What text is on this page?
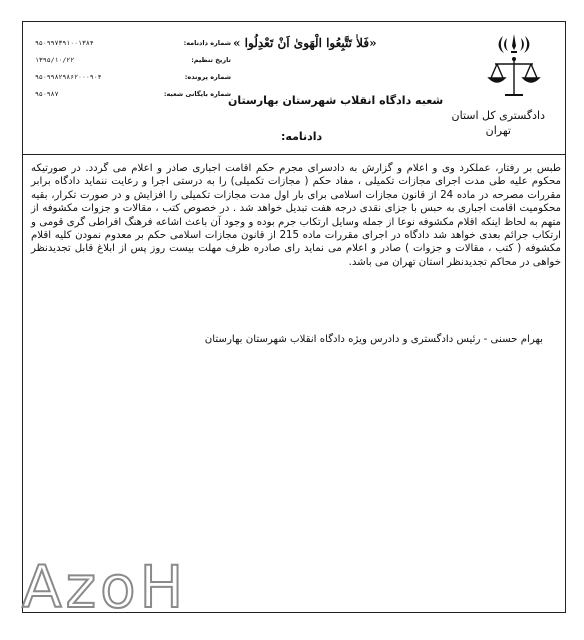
دادگستری کل استان
تهران
«فَلاٰ تَتَّبِعُوا الْهَوىٰ اَنْ تَعْدِلُوا »
شعبه دادگاه انقلاب شهرستان بهارستان
دادنامه:
۹۵۰۹۹۷۳۹۱۰۰۱۳۸۴	شماره دادنامه:
۱۳۹۵/۱۰/۲۲	تاریخ تنظیم:
۹۵۰۹۹۸۲۹۸۶۲۰۰۰۹۰۴	شماره پرونده:
۹۵۰۹۸۷	شماره بایگانی شعبه:
طبس بر رفتار، عملکرد وی و اعلام و گزارش به دادسرای مجرم حکم اقامت اجباری صادر و اعلام می گردد. در صورتیکه محکوم علیه طی مدت اجرای مجازات تکمیلی ، مفاد حکم ( مجازات تکمیلی) را به درستی اجرا و رعایت ننماید دادگاه برابر مقررات مصرحه در ماده 24 از قانون مجازات اسلامی برای بار اول مدت مجازات تکمیلی را افزایش و در صورت تکرار، بقیه محکومیت اقامت اجباری به حبس با جزای نقدی درجه هفت تبدیل خواهد شد . در خصوص کتب ، مقالات و جزوات مکشوفه از متهم به لحاظ اینکه اقلام مکشوفه نوعا از جمله وسایل ارتکاب جرم بوده و وجود آن باعث اشاعه فرهنگ افراطی گری قومی و ارتکاب جرائم بعدی خواهد شد دادگاه در اجرای مقررات ماده 215 از قانون مجازات اسلامی حکم بر معدوم نمودن کلیه اقلام مکشوفه ( کتب ، مقالات و جزوات ) صادر و اعلام می نماید رای صادره ظرف مهلت بیست روز پس از ابلاغ قابل تجدیدنظر خواهی در محاکم تجدیدنظر استان تهران می باشد.
بهرام حسنی - رئیس دادگستری و دادرس ویژه دادگاه انقلاب شهرستان بهارستان
AzoH
